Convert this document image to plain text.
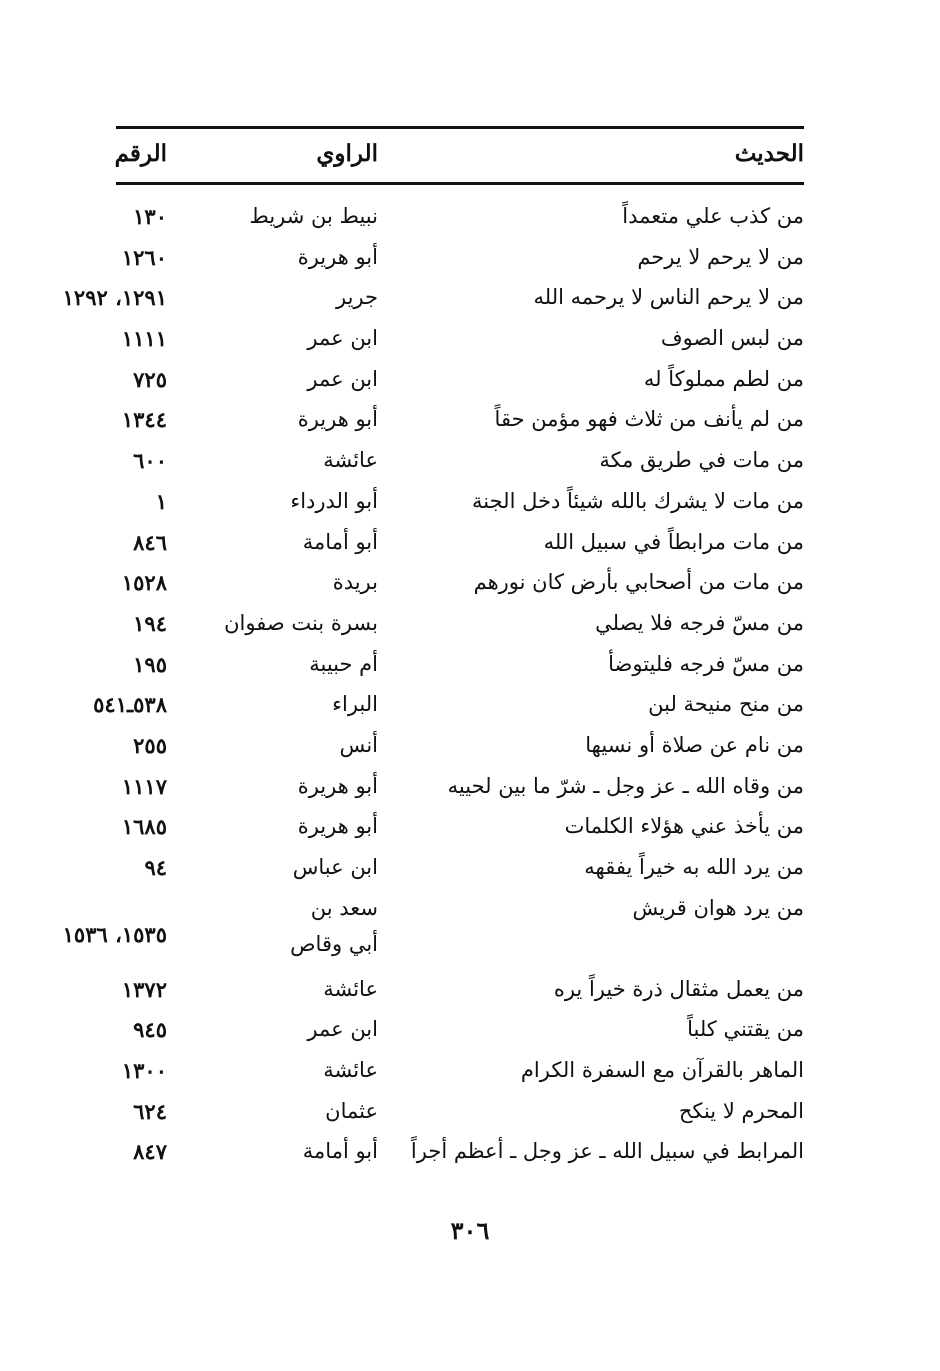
الحديث
الراوي
الرقم
من كذب علي متعمداً
نبيط بن شريط
١٣٠
من لا يرحم لا يرحم
أبو هريرة
١٢٦٠
من لا يرحم الناس لا يرحمه الله
جرير
١٢٩١، ١٢٩٢
من لبس الصوف
ابن عمر
١١١١
من لطم مملوكاً له
ابن عمر
٧٢٥
من لم يأنف من ثلاث فهو مؤمن حقاً
أبو هريرة
١٣٤٤
من مات في طريق مكة
عائشة
٦٠٠
من مات لا يشرك بالله شيئاً دخل الجنة
أبو الدرداء
١
من مات مرابطاً في سبيل الله
أبو أمامة
٨٤٦
من مات من أصحابي بأرض كان نورهم
بريدة
١٥٢٨
من مسّ فرجه فلا يصلي
بسرة بنت صفوان
١٩٤
من مسّ فرجه فليتوضأ
أم حبيبة
١٩٥
من منح منيحة لبن
البراء
٥٣٨ـ٥٤١
من نام عن صلاة أو نسيها
أنس
٢٥٥
من وقاه الله ـ عز وجل ـ شرّ ما بين لحييه
أبو هريرة
١١١٧
من يأخذ عني هؤلاء الكلمات
أبو هريرة
١٦٨٥
من يرد الله به خيراً يفقهه
ابن عباس
٩٤
من يرد هوان قريش
سعد بن
أبي وقاص
١٥٣٥، ١٥٣٦
من يعمل مثقال ذرة خيراً يره
عائشة
١٣٧٢
من يقتني كلباً
ابن عمر
٩٤٥
الماهر بالقرآن مع السفرة الكرام
عائشة
١٣٠٠
المحرم لا ينكح
عثمان
٦٢٤
المرابط في سبيل الله ـ عز وجل ـ أعظم أجراً
أبو أمامة
٨٤٧
٣٠٦
